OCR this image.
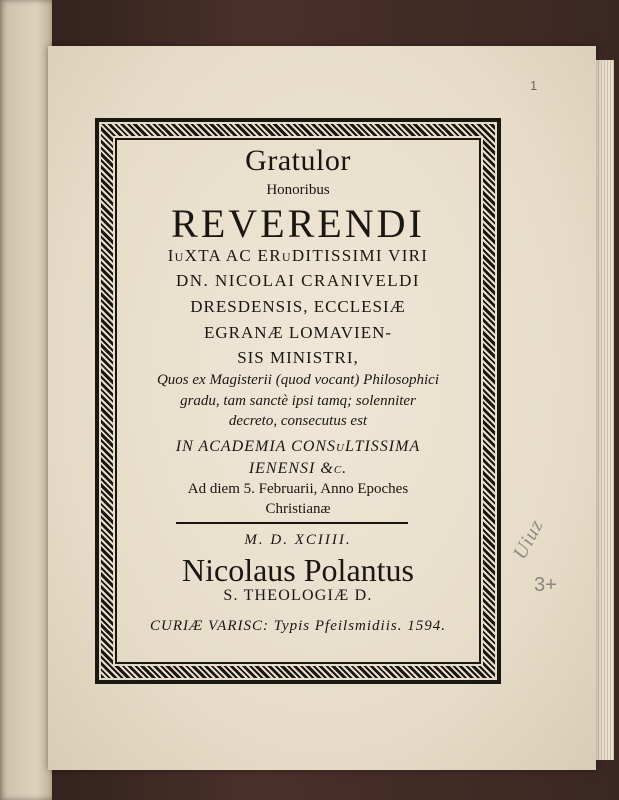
1
Uiuz
3+
Gratulor
Honoribus
REVERENDI
IuXTA AC ERuDITISSIMI VIRI
DN. NICOLAI CRANIVELDI
DRESDENSIS, ECCLESIÆ
EGRANÆ LOMAVIEN-
SIS MINISTRI,
Quos ex Magisterii (quod vocant) Philosophici
gradu, tam sanctè ipsi tamq; solenniter
decreto, consecutus est
IN ACADEMIA CONSuLTISSIMA
IENENSI &c.
Ad diem 5. Februarii, Anno Epoches
Christianæ
M. D. XCIIII.
Nicolaus Polantus
S. THEOLOGIÆ D.
CURIÆ VARISC: Typis Pfeilsmidiis. 1594.
